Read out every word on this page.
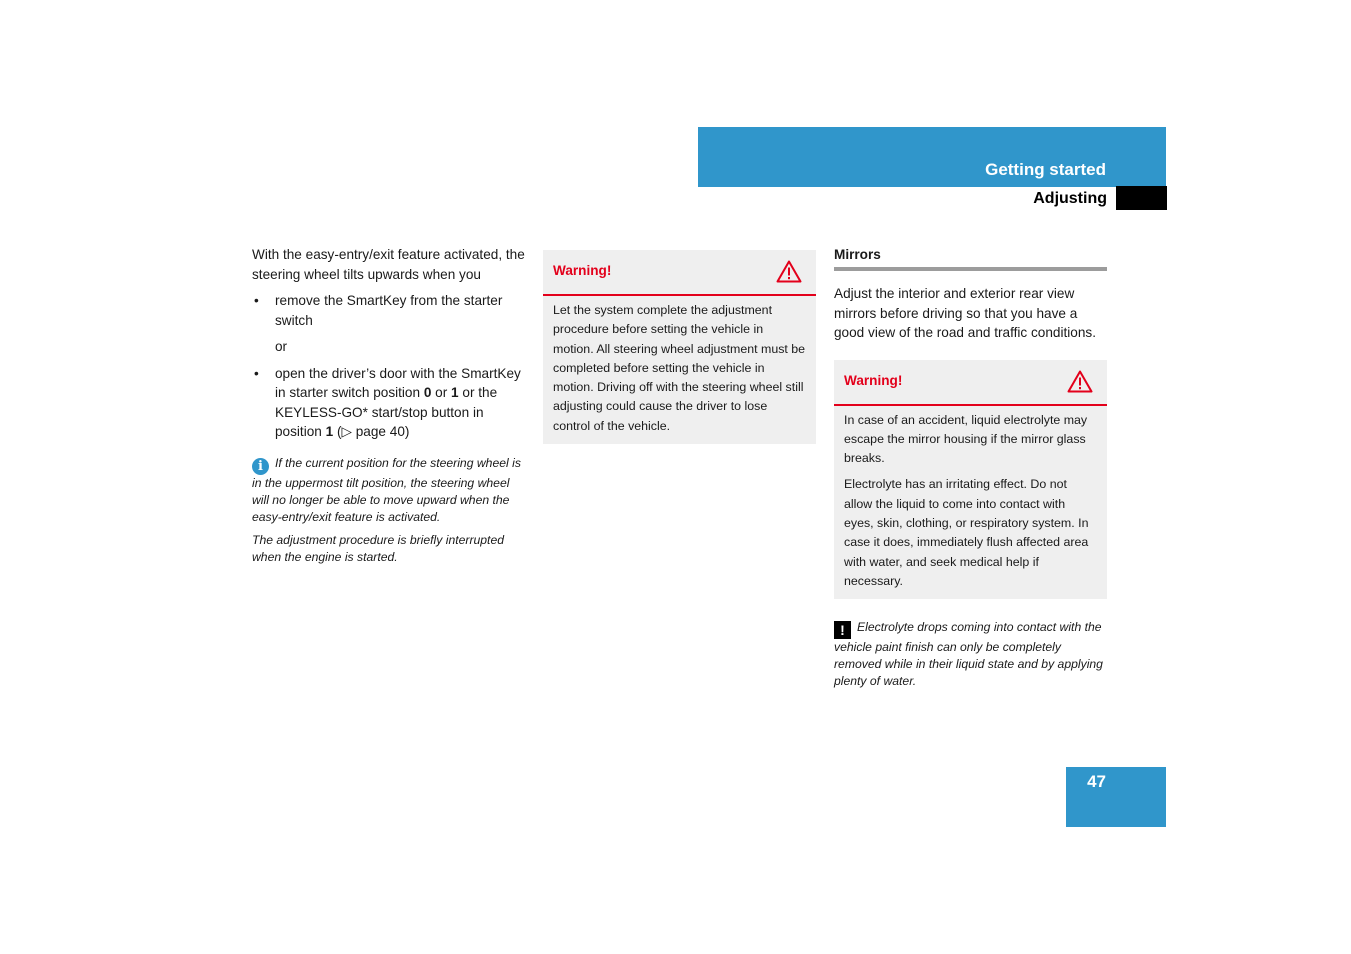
Getting started
Adjusting

With the easy-entry/exit feature activated, the steering wheel tilts upwards when you

• remove the SmartKey from the starter switch

or

• open the driver’s door with the SmartKey in starter switch position 0 or 1 or the KEYLESS-GO* start/stop button in position 1 (▷ page 40)

i If the current position for the steering wheel is in the uppermost tilt position, the steering wheel will no longer be able to move upward when the easy-entry/exit feature is activated.

The adjustment procedure is briefly interrupted when the engine is started.

Warning!

Let the system complete the adjustment procedure before setting the vehicle in motion. All steering wheel adjustment must be completed before setting the vehicle in motion. Driving off with the steering wheel still adjusting could cause the driver to lose control of the vehicle.

Mirrors

Adjust the interior and exterior rear view mirrors before driving so that you have a good view of the road and traffic conditions.

Warning!

In case of an accident, liquid electrolyte may escape the mirror housing if the mirror glass breaks.

Electrolyte has an irritating effect. Do not allow the liquid to come into contact with eyes, skin, clothing, or respiratory system. In case it does, immediately flush affected area with water, and seek medical help if necessary.

! Electrolyte drops coming into contact with the vehicle paint finish can only be completely removed while in their liquid state and by applying plenty of water.

47
